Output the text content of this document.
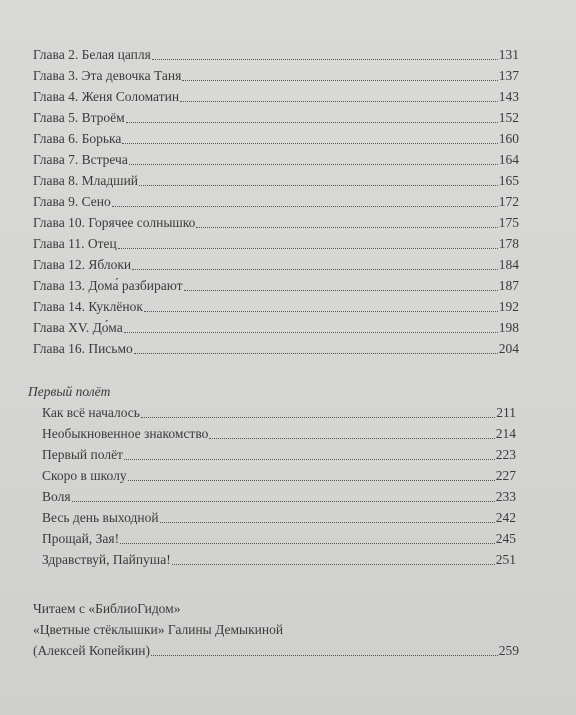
Глава 2. Белая цапля	131
Глава 3. Эта девочка Таня	137
Глава 4. Женя Соломатин	143
Глава 5. Втроём	152
Глава 6. Борька	160
Глава 7. Встреча	164
Глава 8. Младший	165
Глава 9. Сено	172
Глава 10. Горячее солнышко	175
Глава 11. Отец	178
Глава 12. Яблоки	184
Глава 13. Дома́ разбирают	187
Глава 14. Куклёнок	192
Глава XV. До́ма	198
Глава 16. Письмо	204
Первый полёт
Как всё началось	211
Необыкновенное знакомство	214
Первый полёт	223
Скоро в школу	227
Воля	233
Весь день выходной	242
Прощай, Зая!	245
Здравствуй, Пайпуша!	251
Читаем с «БиблиоГидом»
«Цветные стёклышки» Галины Демыкиной
(Алексей Копейкин)	259
